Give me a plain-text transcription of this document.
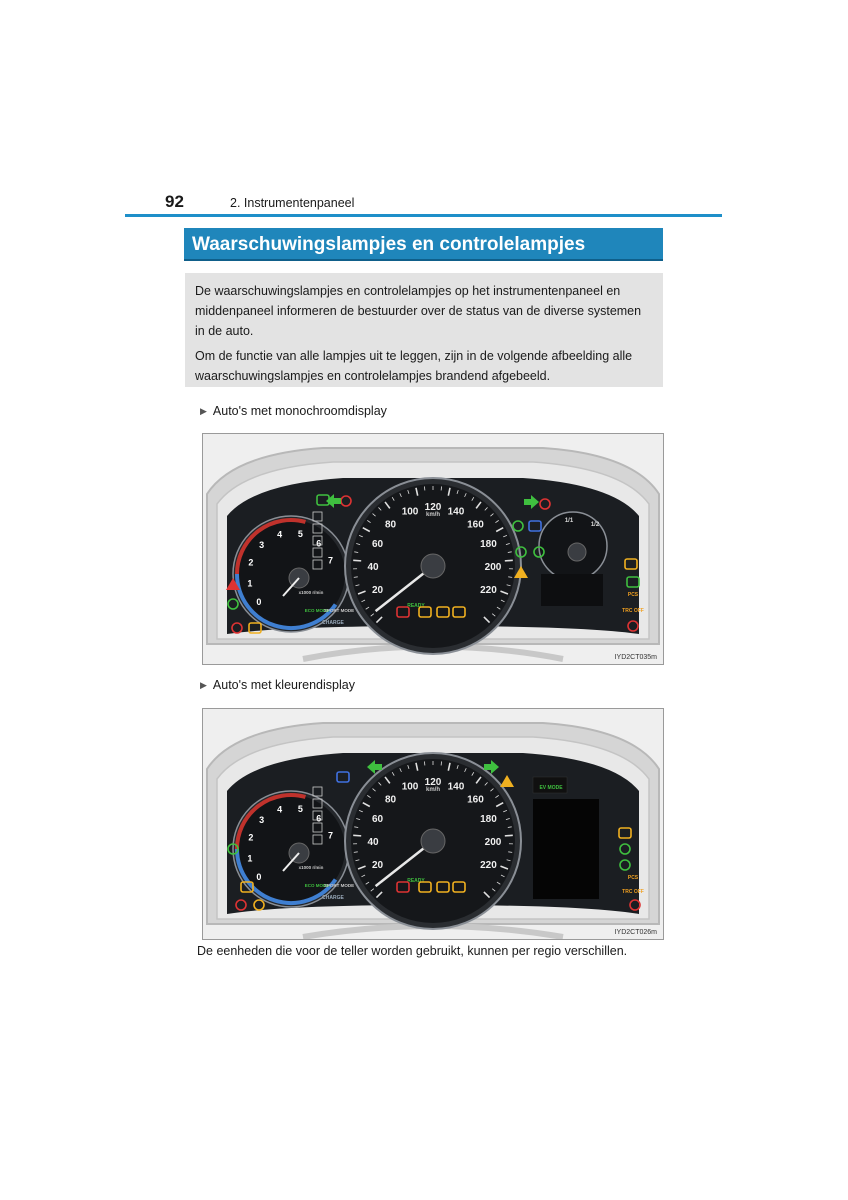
92	2. Instrumentenpaneel
Waarschuwingslampjes en controlelampjes

De waarschuwingslampjes en controlelampjes op het instrumentenpaneel en middenpaneel informeren de bestuurder over de status van de diverse systemen in de auto.

Om de functie van alle lampjes uit te leggen, zijn in de volgende afbeelding alle waarschuwingslampjes en controlelampjes brandend afgebeeld.

▶ Auto's met monochroomdisplay
0
1
2
3
4 5
6
7
CHARGE
x1000 r/min	20
40
60
80
100 120 140
160
180
200
220
km/h
READY
1/1
1/2
ECO MODE
SPORT MODE
PCS
TRC OFF
IYD2CT035m
▶ Auto's met kleurendisplay
0
1
2
3
4 5
6
7
CHARGE
x1000 r/min	20
40
60
80
100 120 140
160
180
200
220
km/h
READY
ECO MODE
SPORT MODE
EV MODE
PCS
TRC OFF
IYD2CT026m
De eenheden die voor de teller worden gebruikt, kunnen per regio verschillen.
